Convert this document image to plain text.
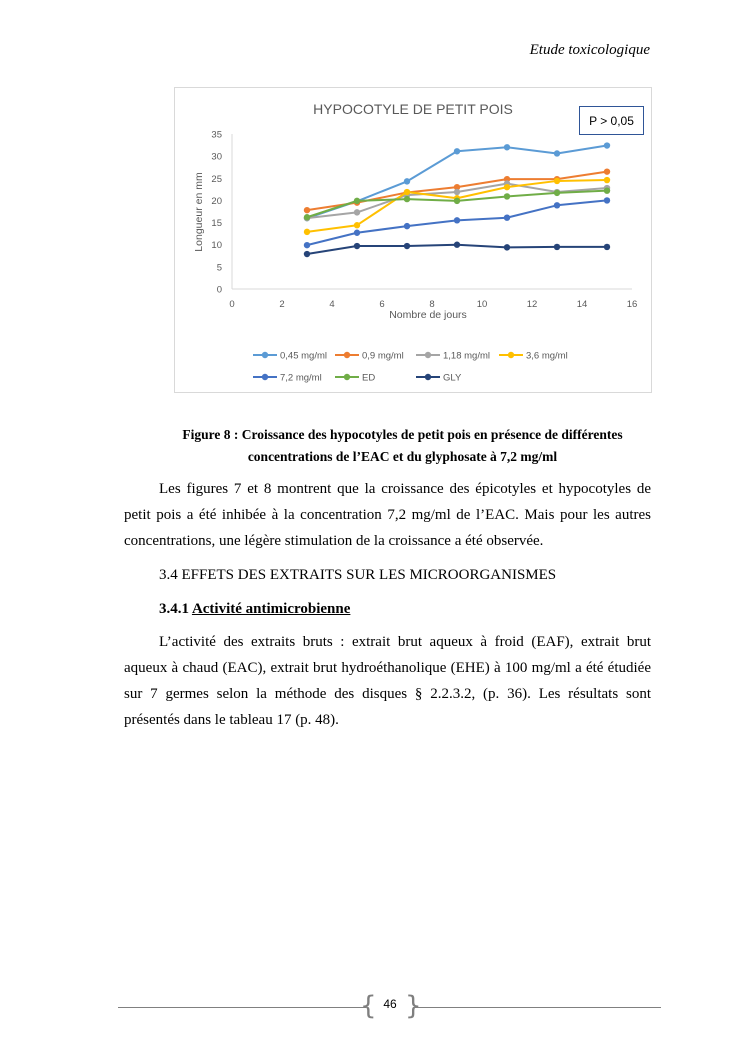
Etude toxicologique
HYPOCOTYLE DE PETIT POIS
0
5
10
15
20
25
30
35
0	2	4	6	8	10	12	14	16
0,45 mg/ml	0,9 mg/ml	1,18 mg/ml	3,6 mg/ml
7,2 mg/ml	ED	GLY
Nombre de jours
Longueur en mm
P > 0,05
Figure 8 : Croissance des hypocotyles de petit pois en présence de différentes
concentrations de l’EAC et du glyphosate à 7,2 mg/ml

Les figures 7 et 8 montrent que la croissance des épicotyles et hypocotyles de petit pois a été inhibée à la concentration 7,2 mg/ml de l’EAC. Mais pour les autres concentrations, une légère stimulation de la croissance a été observée.

3.4 EFFETS DES EXTRAITS SUR LES MICROORGANISMES

3.4.1 Activité antimicrobienne

L’activité des extraits bruts : extrait brut aqueux à froid (EAF), extrait brut aqueux à chaud (EAC), extrait brut hydroéthanolique (EHE) à 100 mg/ml a été étudiée sur 7 germes selon la méthode des disques § 2.2.3.2, (p. 36). Les résultats sont présentés dans le tableau 17 (p. 48).

{ }
46
